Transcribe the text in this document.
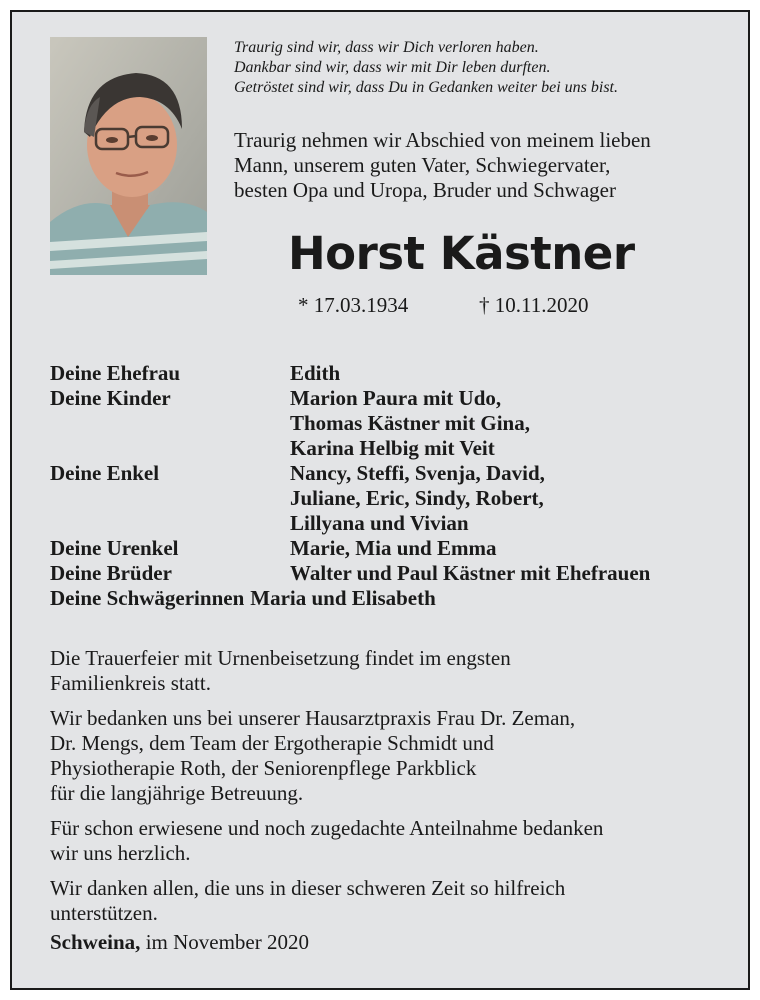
Traurig sind wir, dass wir Dich verloren haben.
Dankbar sind wir, dass wir mit Dir leben durften.
Getröstet sind wir, dass Du in Gedanken weiter bei uns bist.
Traurig nehmen wir Abschied von meinem lieben
Mann, unserem guten Vater, Schwiegervater,
besten Opa und Uropa, Bruder und Schwager
Horst Kästner
* 17.03.1934	† 10.11.2020
Deine Ehefrau	Edith
Deine Kinder	Marion Paura mit Udo,
Thomas Kästner mit Gina,
Karina Helbig mit Veit
Deine Enkel	Nancy, Steffi, Svenja, David,
Juliane, Eric, Sindy, Robert,
Lillyana und Vivian
Deine Urenkel	Marie, Mia und Emma
Deine Brüder	Walter und Paul Kästner mit Ehefrauen
Deine Schwägerinnen Maria und Elisabeth

Die Trauerfeier mit Urnenbeisetzung findet im engsten
Familienkreis statt.

Wir bedanken uns bei unserer Hausarztpraxis Frau Dr. Zeman,
Dr. Mengs, dem Team der Ergotherapie Schmidt und
Physiotherapie Roth, der Seniorenpflege Parkblick
für die langjährige Betreuung.

Für schon erwiesene und noch zugedachte Anteilnahme bedanken
wir uns herzlich.

Wir danken allen, die uns in dieser schweren Zeit so hilfreich
unterstützen.

Schweina, im November 2020
